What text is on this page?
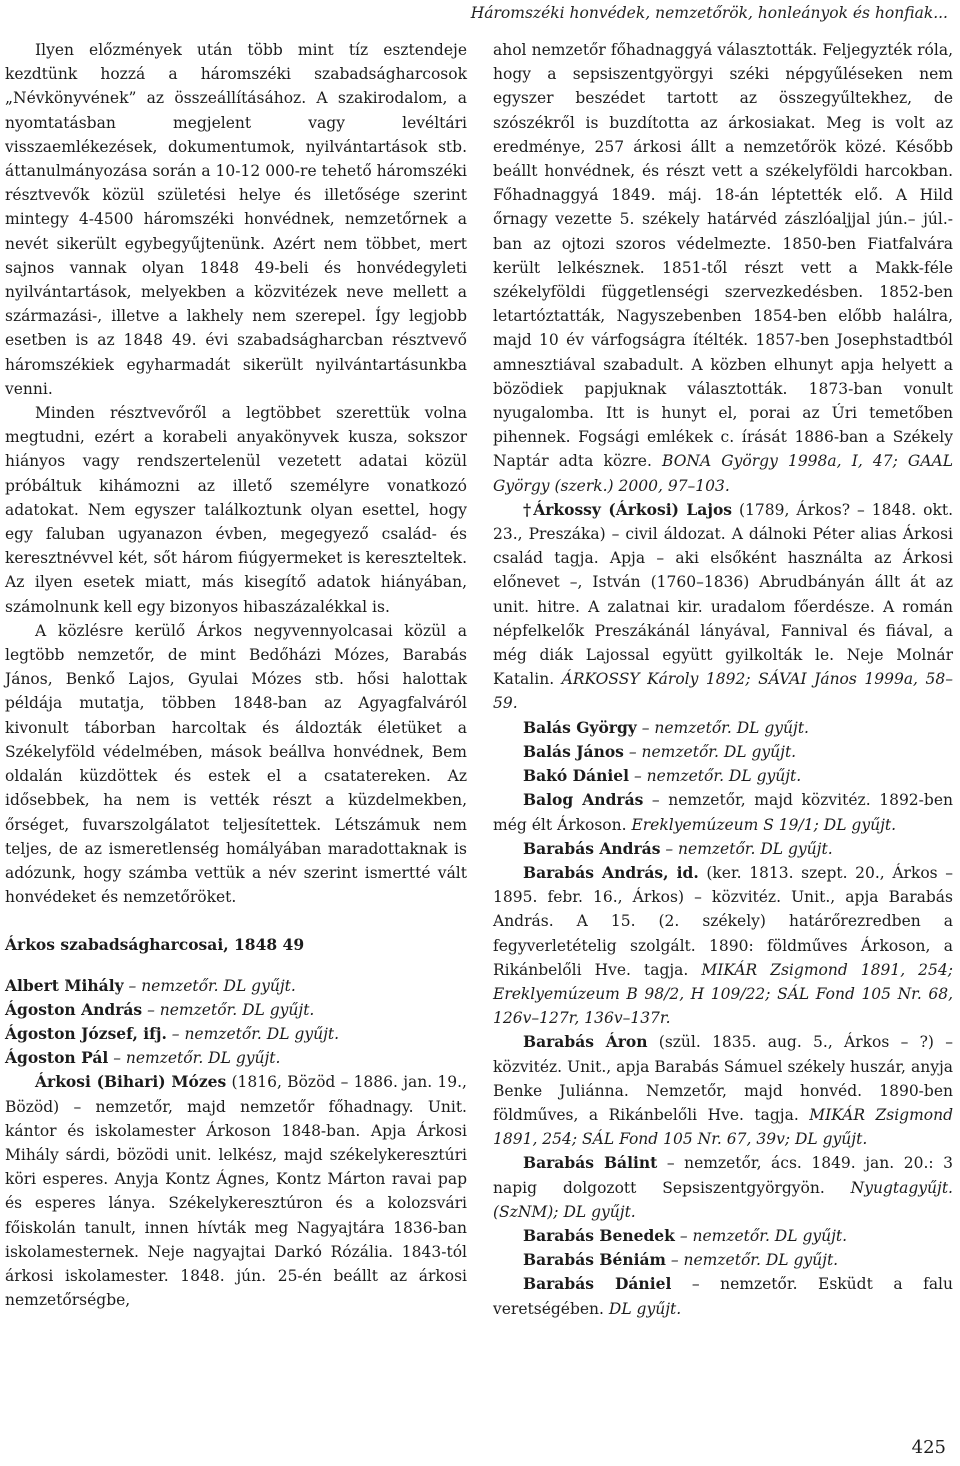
Háromszéki honvédek, nemzetőrök, honleányok és honfiak...

Ilyen előzmények után több mint tíz esztendeje kezdtünk hozzá a háromszéki szabadságharcosok „Névkönyvének” az összeállításához. A szakirodalom, a nyomtatásban megjelent vagy levéltári visszaemlékezések, dokumentumok, nyilvántartások stb. áttanulmányozása során a 10-12 000-re tehető háromszéki résztvevők közül születési helye és illetősége szerint mintegy 4-4500 háromszéki honvédnek, nemzetőrnek a nevét sikerült egybegyűjtenünk. Azért nem többet, mert sajnos vannak olyan 1848 49-beli és honvédegyleti nyilvántartások, melyekben a közvitézek neve mellett a származási-, illetve a lakhely nem szerepel. Így legjobb esetben is az 1848 49. évi szabadságharcban résztvevő háromszékiek egyharmadát sikerült nyilvántartásunkba venni.

Minden résztvevőről a legtöbbet szerettük volna megtudni, ezért a korabeli anyakönyvek kusza, sokszor hiányos vagy rendszertelenül vezetett adatai közül próbáltuk kihámozni az illető személyre vonatkozó adatokat. Nem egyszer találkoztunk olyan esettel, hogy egy faluban ugyanazon évben, megegyező család- és keresztnévvel két, sőt három fiúgyermeket is kereszteltek. Az ilyen esetek miatt, más kisegítő adatok hiányában, számolnunk kell egy bizonyos hibaszázalékkal is.

A közlésre kerülő Árkos negyvennyolcasai közül a legtöbb nemzetőr, de mint Bedőházi Mózes, Barabás János, Benkő Lajos, Gyulai Mózes stb. hősi halottak példája mutatja, többen 1848-ban az Agyagfalváról kivonult táborban harcoltak és áldozták életüket a Székelyföld védelmében, mások beállva honvédnek, Bem oldalán küzdöttek és estek el a csatatereken. Az idősebbek, ha nem is vették részt a küzdelmekben, őrséget, fuvarszolgálatot teljesítettek. Létszámuk nem teljes, de az ismeretlenség homályában maradottaknak is adózunk, hogy számba vettük a név szerint ismertté vált honvédeket és nemzetőröket.

Árkos szabadságharcosai, 1848 49

Albert Mihály – nemzetőr. DL gyűjt.

Ágoston András – nemzetőr. DL gyűjt.

Ágoston József, ifj. – nemzetőr. DL gyűjt.

Ágoston Pál – nemzetőr. DL gyűjt.

Árkosi (Bihari) Mózes (1816, Bözöd – 1886. jan. 19., Bözöd) – nemzetőr, majd nemzetőr főhadnagy. Unit. kántor és iskolamester Árkoson 1848-ban. Apja Árkosi Mihály sárdi, bözödi unit. lelkész, majd székelykeresztúri köri esperes. Anyja Kontz Ágnes, Kontz Márton ravai pap és esperes lánya. Székelykeresztúron és a kolozsvári főiskolán tanult, innen hívták meg Nagyajtára 1836-ban iskolamesternek. Neje nagyajtai Darkó Rózália. 1843-tól árkosi iskolamester. 1848. jún. 25-én beállt az árkosi nemzetőrségbe,

ahol nemzetőr főhadnaggyá választották. Feljegyzték róla, hogy a sepsiszentgyörgyi széki népgyűléseken nem egyszer beszédet tartott az összegyűltekhez, de szószékről is buzdította az árkosiakat. Meg is volt az eredménye, 257 árkosi állt a nemzetőrök közé. Később beállt honvédnek, és részt vett a székelyföldi harcokban. Főhadnaggyá 1849. máj. 18-án léptették elő. A Hild őrnagy vezette 5. székely határvéd zászlóaljjal jún.– júl.-ban az ojtozi szoros védelmezte. 1850-ben Fiatfalvára került lelkésznek. 1851-től részt vett a Makk-féle székelyföldi függetlenségi szervezkedésben. 1852-ben letartóztatták, Nagyszebenben 1854-ben előbb halálra, majd 10 év várfogságra ítélték. 1857-ben Josephstadtból amnesztiával szabadult. A közben elhunyt apja helyett a bözödiek papjuknak választották. 1873-ban vonult nyugalomba. Itt is hunyt el, porai az Úri temetőben pihennek. Fogsági emlékek c. írását 1886-ban a Székely Naptár adta közre. BONA György 1998a, I, 47; GAAL György (szerk.) 2000, 97–103.

†Árkossy (Árkosi) Lajos (1789, Árkos? – 1848. okt. 23., Preszáka) – civil áldozat. A dálnoki Péter alias Árkosi család tagja. Apja – aki elsőként használta az Árkosi előnevet –, István (1760–1836) Abrudbányán állt át az unit. hitre. A zalatnai kir. uradalom főerdésze. A román népfelkelők Preszákánál lányával, Fannival és fiával, a még diák Lajossal együtt gyilkolták le. Neje Molnár Katalin. ÁRKOSSY Károly 1892; SÁVAI János 1999a, 58–59.

Balás György – nemzetőr. DL gyűjt.

Balás János – nemzetőr. DL gyűjt.

Bakó Dániel – nemzetőr. DL gyűjt.

Balog András – nemzetőr, majd közvitéz. 1892-ben még élt Árkoson. Ereklyemúzeum S 19/1; DL gyűjt.

Barabás András – nemzetőr. DL gyűjt.

Barabás András, id. (ker. 1813. szept. 20., Árkos – 1895. febr. 16., Árkos) – közvitéz. Unit., apja Barabás András. A 15. (2. székely) határőrezredben a fegyverletételig szolgált. 1890: földműves Árkoson, a Rikánbelőli Hve. tagja. MIKÁR Zsigmond 1891, 254; Ereklyemúzeum B 98/2, H 109/22; SÁL Fond 105 Nr. 68, 126v–127r, 136v–137r.

Barabás Áron (szül. 1835. aug. 5., Árkos – ?) – közvitéz. Unit., apja Barabás Sámuel székely huszár, anyja Benke Juliánna. Nemzetőr, majd honvéd. 1890-ben földműves, a Rikánbelőli Hve. tagja. MIKÁR Zsigmond 1891, 254; SÁL Fond 105 Nr. 67, 39v; DL gyűjt.

Barabás Bálint – nemzetőr, ács. 1849. jan. 20.: 3 napig dolgozott Sepsiszentgyörgyön. Nyugtagyűjt. (SzNM); DL gyűjt.

Barabás Benedek – nemzetőr. DL gyűjt.

Barabás Béniám – nemzetőr. DL gyűjt.

Barabás Dániel – nemzetőr. Esküdt a falu veretségében. DL gyűjt.

425
